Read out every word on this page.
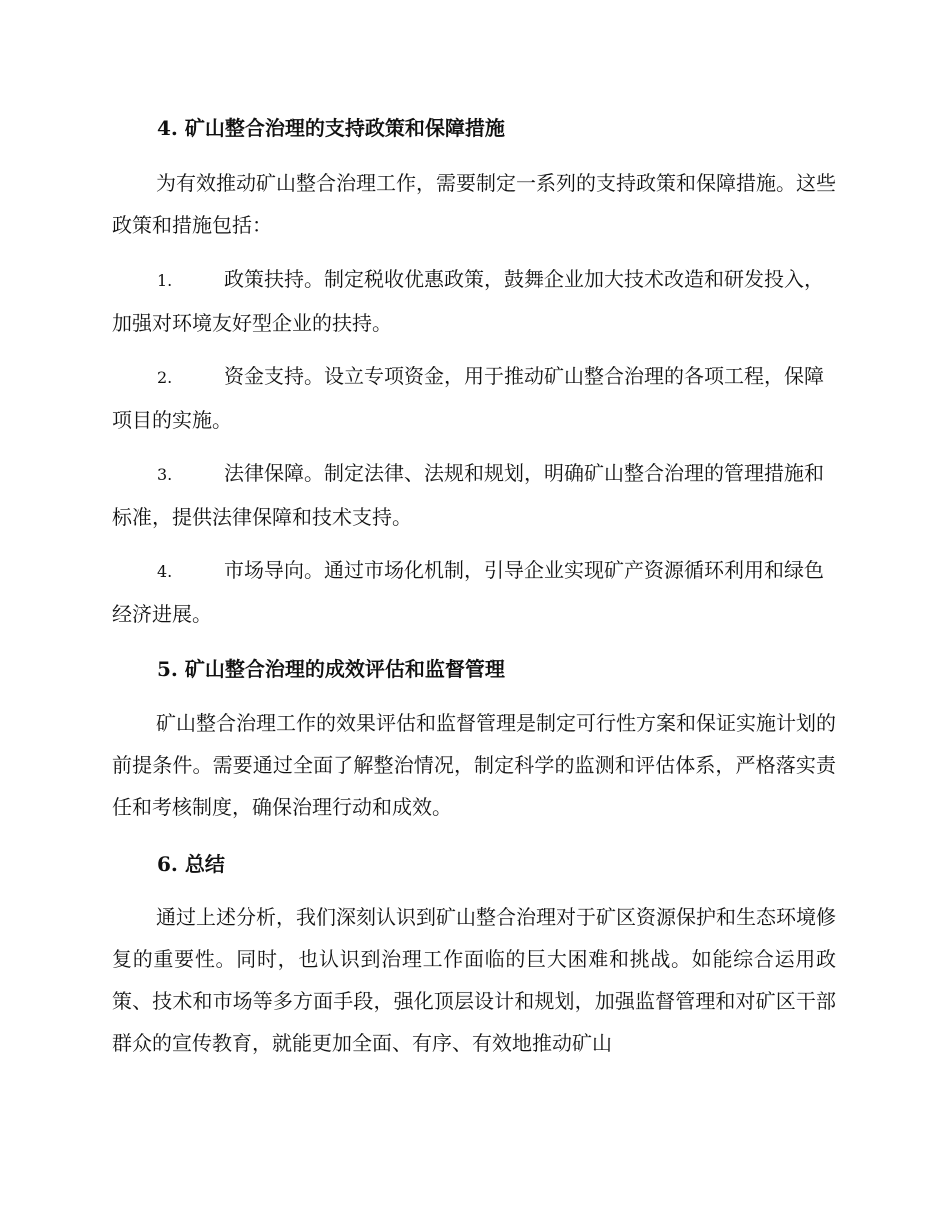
4. 矿山整合治理的支持政策和保障措施
为有效推动矿山整合治理工作，需要制定一系列的支持政策和保障措施。这些政策和措施包括：
1.	政策扶持。制定税收优惠政策，鼓舞企业加大技术改造和研发投入，加强对环境友好型企业的扶持。
2.	资金支持。设立专项资金，用于推动矿山整合治理的各项工程，保障项目的实施。
3.	法律保障。制定法律、法规和规划，明确矿山整合治理的管理措施和标准，提供法律保障和技术支持。
4.	市场导向。通过市场化机制，引导企业实现矿产资源循环利用和绿色经济进展。
5. 矿山整合治理的成效评估和监督管理
矿山整合治理工作的效果评估和监督管理是制定可行性方案和保证实施计划的前提条件。需要通过全面了解整治情况，制定科学的监测和评估体系，严格落实责任和考核制度，确保治理行动和成效。
6. 总结
通过上述分析，我们深刻认识到矿山整合治理对于矿区资源保护和生态环境修复的重要性。同时，也认识到治理工作面临的巨大困难和挑战。如能综合运用政策、技术和市场等多方面手段，强化顶层设计和规划，加强监督管理和对矿区干部群众的宣传教育，就能更加全面、有序、有效地推动矿山
